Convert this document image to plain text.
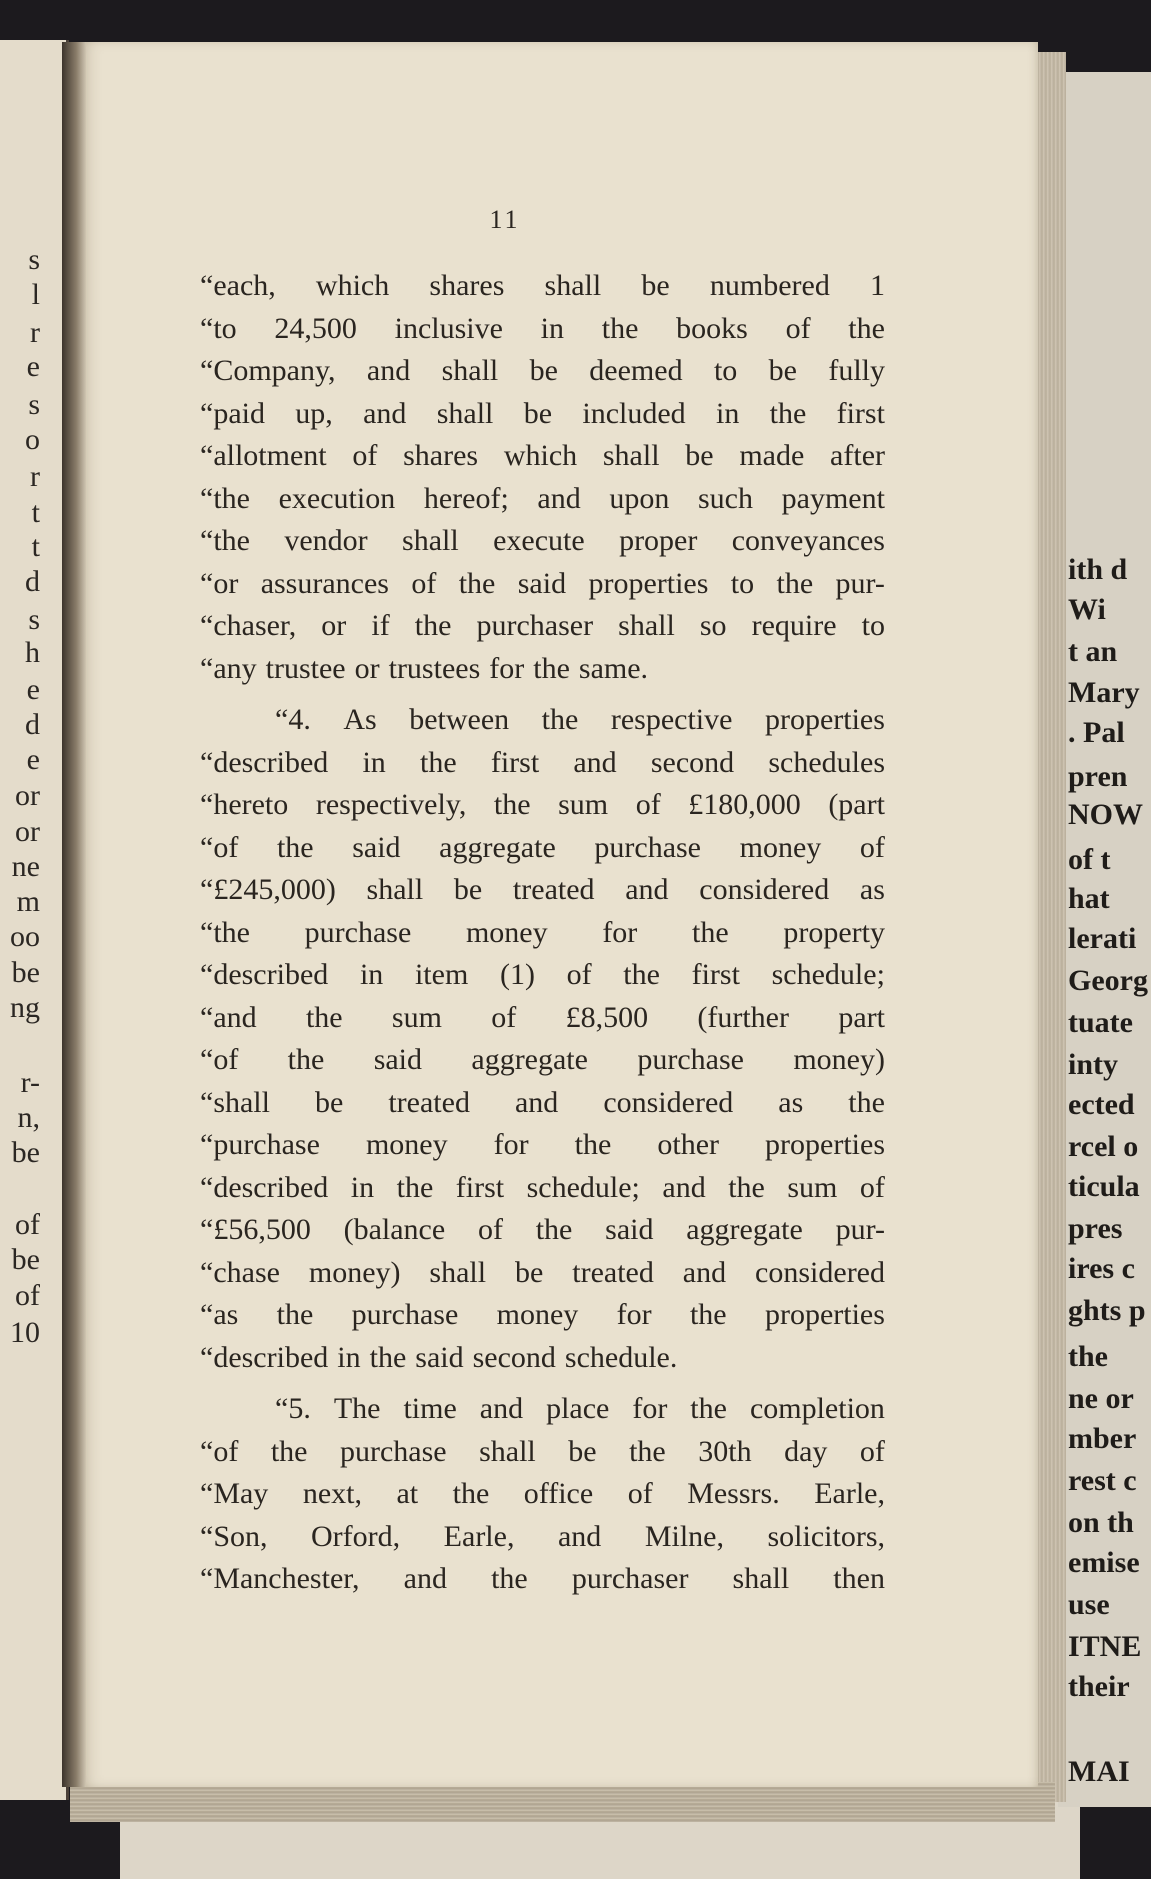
11
“each, which shares shall be numbered 1
“to 24,500 inclusive in the books of the
“Company, and shall be deemed to be fully
“paid up, and shall be included in the first
“allotment of shares which shall be made after
“the execution hereof; and upon such payment
“the vendor shall execute proper conveyances
“or assurances of the said properties to the pur-
“chaser, or if the purchaser shall so require to
“any trustee or trustees for the same.
“4. As between the respective properties
“described in the first and second schedules
“hereto respectively, the sum of £180,000 (part
“of the said aggregate purchase money of
“£245,000) shall be treated and considered as
“the purchase money for the property
“described in item (1) of the first schedule;
“and the sum of £8,500 (further part
“of the said aggregate purchase money)
“shall be treated and considered as the
“purchase money for the other properties
“described in the first schedule; and the sum of
“£56,500 (balance of the said aggregate pur-
“chase money) shall be treated and considered
“as the purchase money for the properties
“described in the said second schedule.
“5. The time and place for the completion
“of the purchase shall be the 30th day of
“May next, at the office of Messrs. Earle,
“Son, Orford, Earle, and Milne, solicitors,
“Manchester, and the purchaser shall then
s
l
r
e
s
o
r
t
t
d
s
h
e
d
e
or
or
ne
m
oo
be
ng
r-
n,
be
of
be
of
10
ith d
Wi
t an
Mary
. Pal
pren
NOW
of t
hat
lerati
Georg
tuate
inty
ected
rcel o
ticula
pres
ires c
ghts p
the
ne or
mber
rest c
on th
emise
use
ITNE
their
MAI
